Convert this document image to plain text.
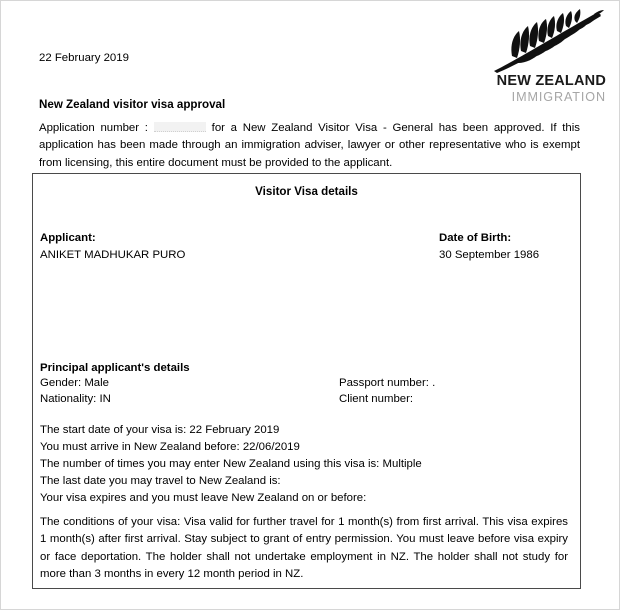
NEW ZEALAND
IMMIGRATION
22 February 2019
New Zealand visitor visa approval
Application number :	for a New Zealand Visitor Visa - General has been approved. If this application has been made through an immigration adviser, lawyer or other representative who is exempt from licensing, this entire document must be provided to the applicant.
Visitor Visa details
Applicant:
ANIKET MADHUKAR PURO
Date of Birth:
30 September 1986
Principal applicant's details
Gender: Male	Passport number: .
Nationality: IN	Client number:
The start date of your visa is: 22 February 2019
You must arrive in New Zealand before: 22/06/2019
The number of times you may enter New Zealand using this visa is: Multiple
The last date you may travel to New Zealand is:
Your visa expires and you must leave New Zealand on or before:
The conditions of your visa: Visa valid for further travel for 1 month(s) from first arrival. This visa expires 1 month(s) after first arrival. Stay subject to grant of entry permission. You must leave before visa expiry or face deportation. The holder shall not undertake employment in NZ. The holder shall not study for more than 3 months in every 12 month period in NZ.
